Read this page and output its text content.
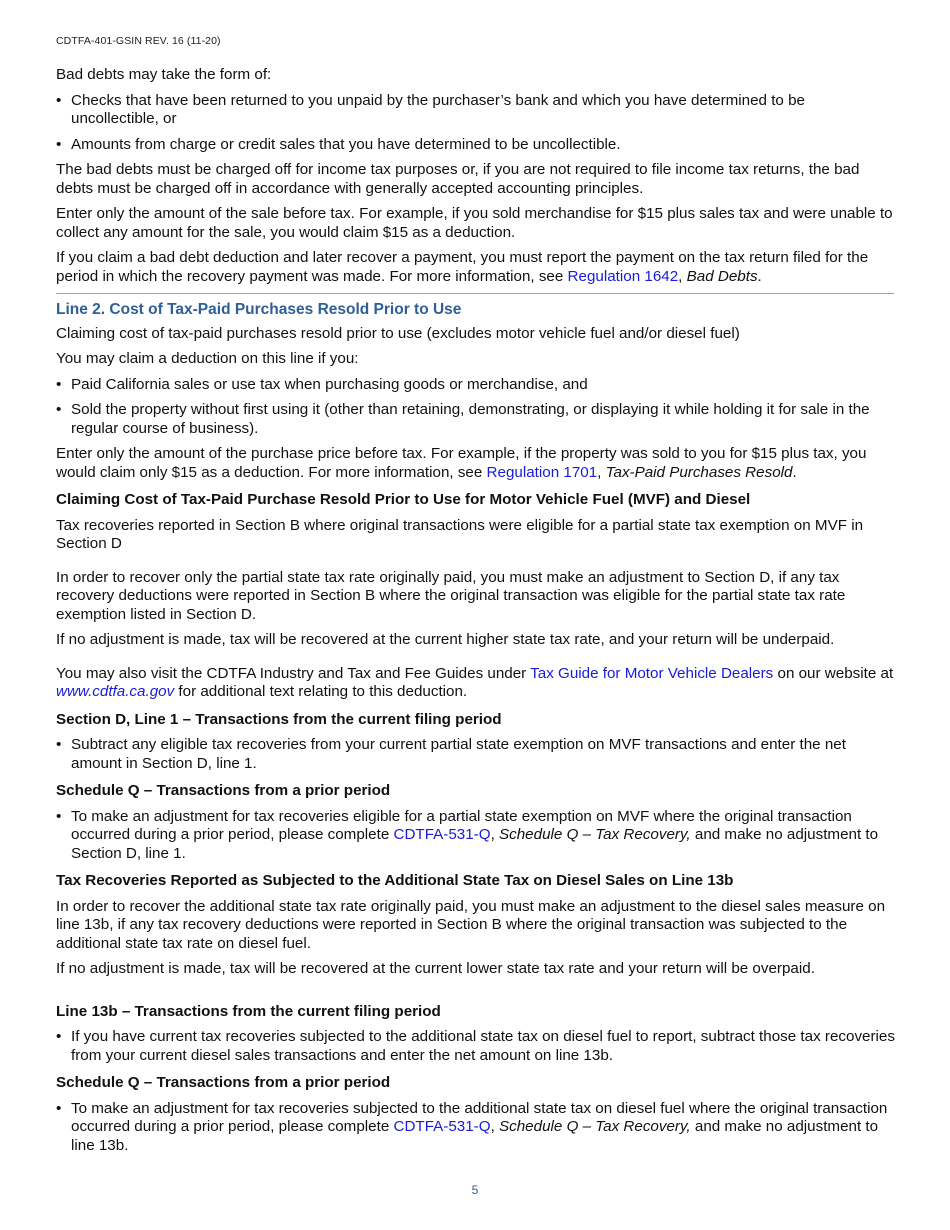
CDTFA-401-GSIN REV. 16 (11-20)

Bad debts may take the form of:

• Checks that have been returned to you unpaid by the purchaser’s bank and which you have determined to be uncollectible, or
• Amounts from charge or credit sales that you have determined to be uncollectible.

The bad debts must be charged off for income tax purposes or, if you are not required to file income tax returns, the bad debts must be charged off in accordance with generally accepted accounting principles.

Enter only the amount of the sale before tax. For example, if you sold merchandise for $15 plus sales tax and were unable to collect any amount for the sale, you would claim $15 as a deduction.

If you claim a bad debt deduction and later recover a payment, you must report the payment on the tax return filed for the period in which the recovery payment was made. For more information, see Regulation 1642, Bad Debts.

Line 2. Cost of Tax-Paid Purchases Resold Prior to Use

Claiming cost of tax-paid purchases resold prior to use (excludes motor vehicle fuel and/or diesel fuel)

You may claim a deduction on this line if you:

• Paid California sales or use tax when purchasing goods or merchandise, and
• Sold the property without first using it (other than retaining, demonstrating, or displaying it while holding it for sale in the regular course of business).

Enter only the amount of the purchase price before tax. For example, if the property was sold to you for $15 plus tax, you would claim only $15 as a deduction. For more information, see Regulation 1701, Tax-Paid Purchases Resold.

Claiming Cost of Tax-Paid Purchase Resold Prior to Use for Motor Vehicle Fuel (MVF) and Diesel

Tax recoveries reported in Section B where original transactions were eligible for a partial state tax exemption on MVF in Section D

In order to recover only the partial state tax rate originally paid, you must make an adjustment to Section D, if any tax recovery deductions were reported in Section B where the original transaction was eligible for the partial state tax rate exemption listed in Section D.

If no adjustment is made, tax will be recovered at the current higher state tax rate, and your return will be underpaid.

You may also visit the CDTFA Industry and Tax and Fee Guides under Tax Guide for Motor Vehicle Dealers on our website at www.cdtfa.ca.gov for additional text relating to this deduction.

Section D, Line 1 – Transactions from the current filing period
• Subtract any eligible tax recoveries from your current partial state exemption on MVF transactions and enter the net amount in Section D, line 1.
Schedule Q – Transactions from a prior period
• To make an adjustment for tax recoveries eligible for a partial state exemption on MVF where the original transaction occurred during a prior period, please complete CDTFA-531-Q, Schedule Q – Tax Recovery, and make no adjustment to Section D, line 1.
Tax Recoveries Reported as Subjected to the Additional State Tax on Diesel Sales on Line 13b

In order to recover the additional state tax rate originally paid, you must make an adjustment to the diesel sales measure on line 13b, if any tax recovery deductions were reported in Section B where the original transaction was subjected to the additional state tax rate on diesel fuel.

If no adjustment is made, tax will be recovered at the current lower state tax rate and your return will be overpaid.

Line 13b – Transactions from the current filing period
• If you have current tax recoveries subjected to the additional state tax on diesel fuel to report, subtract those tax recoveries from your current diesel sales transactions and enter the net amount on line 13b.
Schedule Q – Transactions from a prior period
• To make an adjustment for tax recoveries subjected to the additional state tax on diesel fuel where the original transaction occurred during a prior period, please complete CDTFA-531-Q, Schedule Q – Tax Recovery, and make no adjustment to line 13b.
5
